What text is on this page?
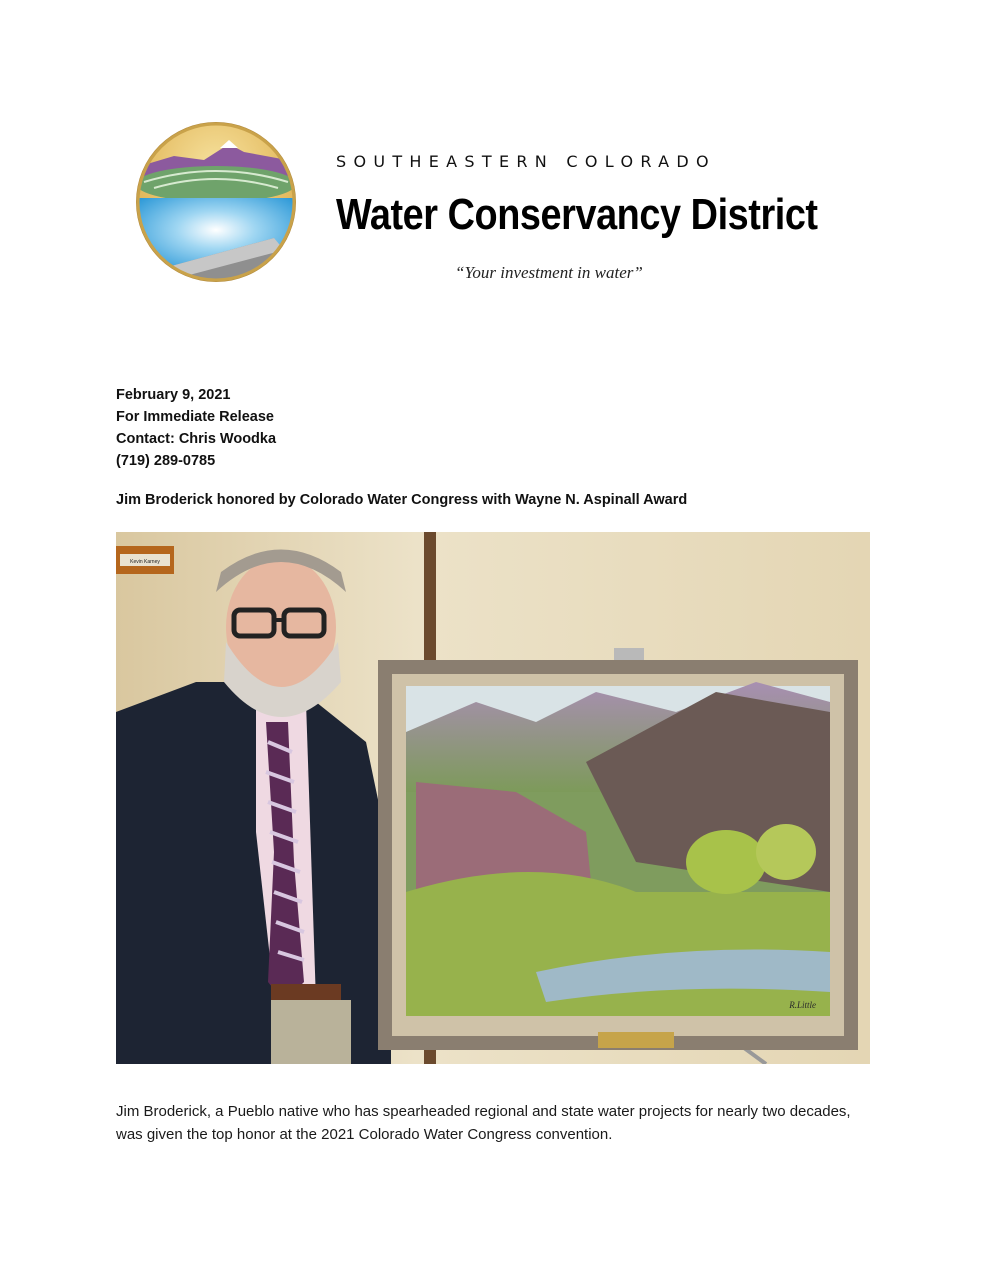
SOUTHEASTERN COLORADO
Water Conservancy District
“Your investment in water”
February 9, 2021
For Immediate Release
Contact: Chris Woodka
(719) 289-0785
Jim Broderick honored by Colorado Water Congress with Wayne N. Aspinall Award
Kevin Karney
R.Little
Jim Broderick, a Pueblo native who has spearheaded regional and state water projects for nearly two decades, was given the top honor at the 2021 Colorado Water Congress convention.
